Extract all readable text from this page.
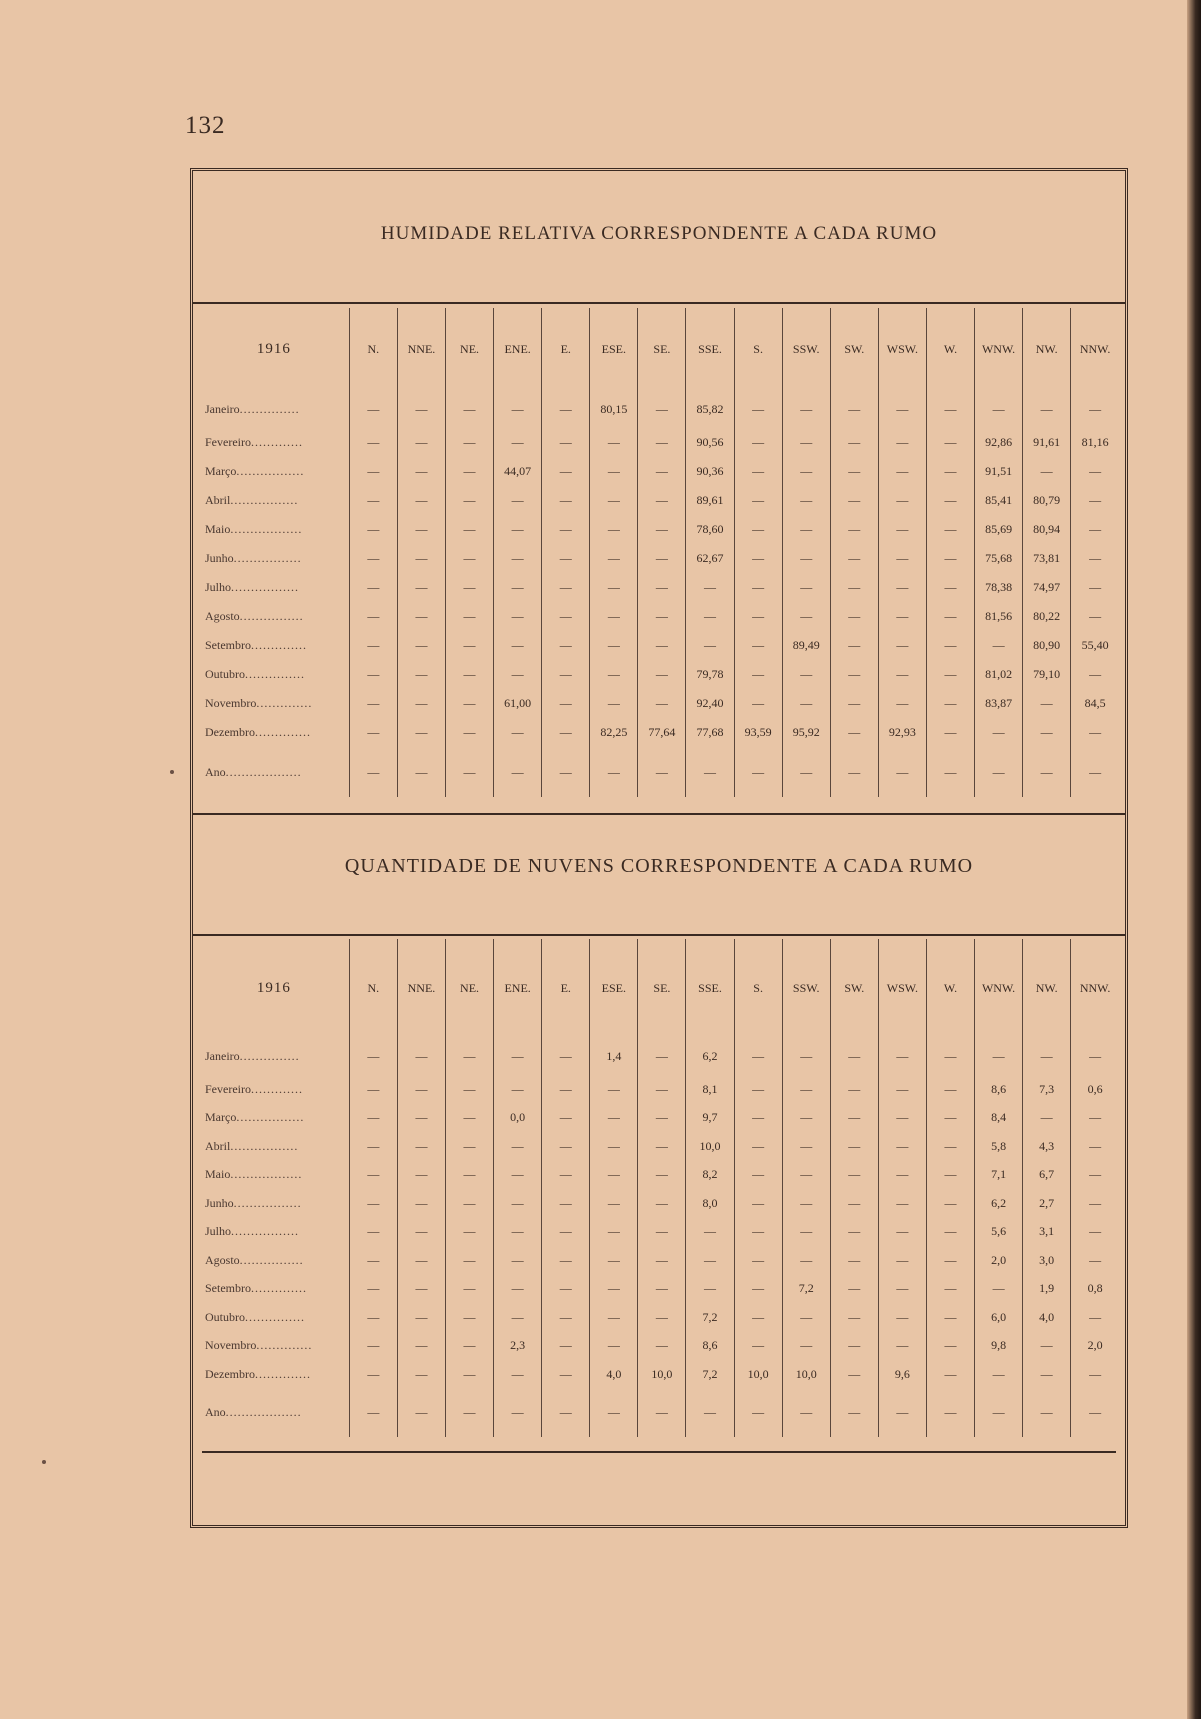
132
HUMIDADE RELATIVA CORRESPONDENTE A CADA RUMO
1916	N.	NNE.	NE.	ENE.	E.	ESE.	SE.	SSE.	S.	SSW.	SW.	WSW.	W.	WNW.	NW.	NNW.
Janeiro...............	—	—	—	—	—	80,15	—	85,82	—	—	—	—	—	—	—	—
Fevereiro.............	—	—	—	—	—	—	—	90,56	—	—	—	—	—	92,86	91,61	81,16
Março.................	—	—	—	44,07	—	—	—	90,36	—	—	—	—	—	91,51	—	—
Abril.................	—	—	—	—	—	—	—	89,61	—	—	—	—	—	85,41	80,79	—
Maio..................	—	—	—	—	—	—	—	78,60	—	—	—	—	—	85,69	80,94	—
Junho.................	—	—	—	—	—	—	—	62,67	—	—	—	—	—	75,68	73,81	—
Julho.................	—	—	—	—	—	—	—	—	—	—	—	—	—	78,38	74,97	—
Agosto................	—	—	—	—	—	—	—	—	—	—	—	—	—	81,56	80,22	—
Setembro..............	—	—	—	—	—	—	—	—	—	89,49	—	—	—	—	80,90	55,40
Outubro...............	—	—	—	—	—	—	—	79,78	—	—	—	—	—	81,02	79,10	—
Novembro..............	—	—	—	61,00	—	—	—	92,40	—	—	—	—	—	83,87	—	84,5
Dezembro..............	—	—	—	—	—	82,25	77,64	77,68	93,59	95,92	—	92,93	—	—	—	—
Ano...................	—	—	—	—	—	—	—	—	—	—	—	—	—	—	—	—
QUANTIDADE DE NUVENS CORRESPONDENTE A CADA RUMO
1916	N.	NNE.	NE.	ENE.	E.	ESE.	SE.	SSE.	S.	SSW.	SW.	WSW.	W.	WNW.	NW.	NNW.
Janeiro...............	—	—	—	—	—	1,4	—	6,2	—	—	—	—	—	—	—	—
Fevereiro.............	—	—	—	—	—	—	—	8,1	—	—	—	—	—	8,6	7,3	0,6
Março.................	—	—	—	0,0	—	—	—	9,7	—	—	—	—	—	8,4	—	—
Abril.................	—	—	—	—	—	—	—	10,0	—	—	—	—	—	5,8	4,3	—
Maio..................	—	—	—	—	—	—	—	8,2	—	—	—	—	—	7,1	6,7	—
Junho.................	—	—	—	—	—	—	—	8,0	—	—	—	—	—	6,2	2,7	—
Julho.................	—	—	—	—	—	—	—	—	—	—	—	—	—	5,6	3,1	—
Agosto................	—	—	—	—	—	—	—	—	—	—	—	—	—	2,0	3,0	—
Setembro..............	—	—	—	—	—	—	—	—	—	7,2	—	—	—	—	1,9	0,8
Outubro...............	—	—	—	—	—	—	—	7,2	—	—	—	—	—	6,0	4,0	—
Novembro..............	—	—	—	2,3	—	—	—	8,6	—	—	—	—	—	9,8	—	2,0
Dezembro..............	—	—	—	—	—	4,0	10,0	7,2	10,0	10,0	—	9,6	—	—	—	—
Ano...................	—	—	—	—	—	—	—	—	—	—	—	—	—	—	—	—
